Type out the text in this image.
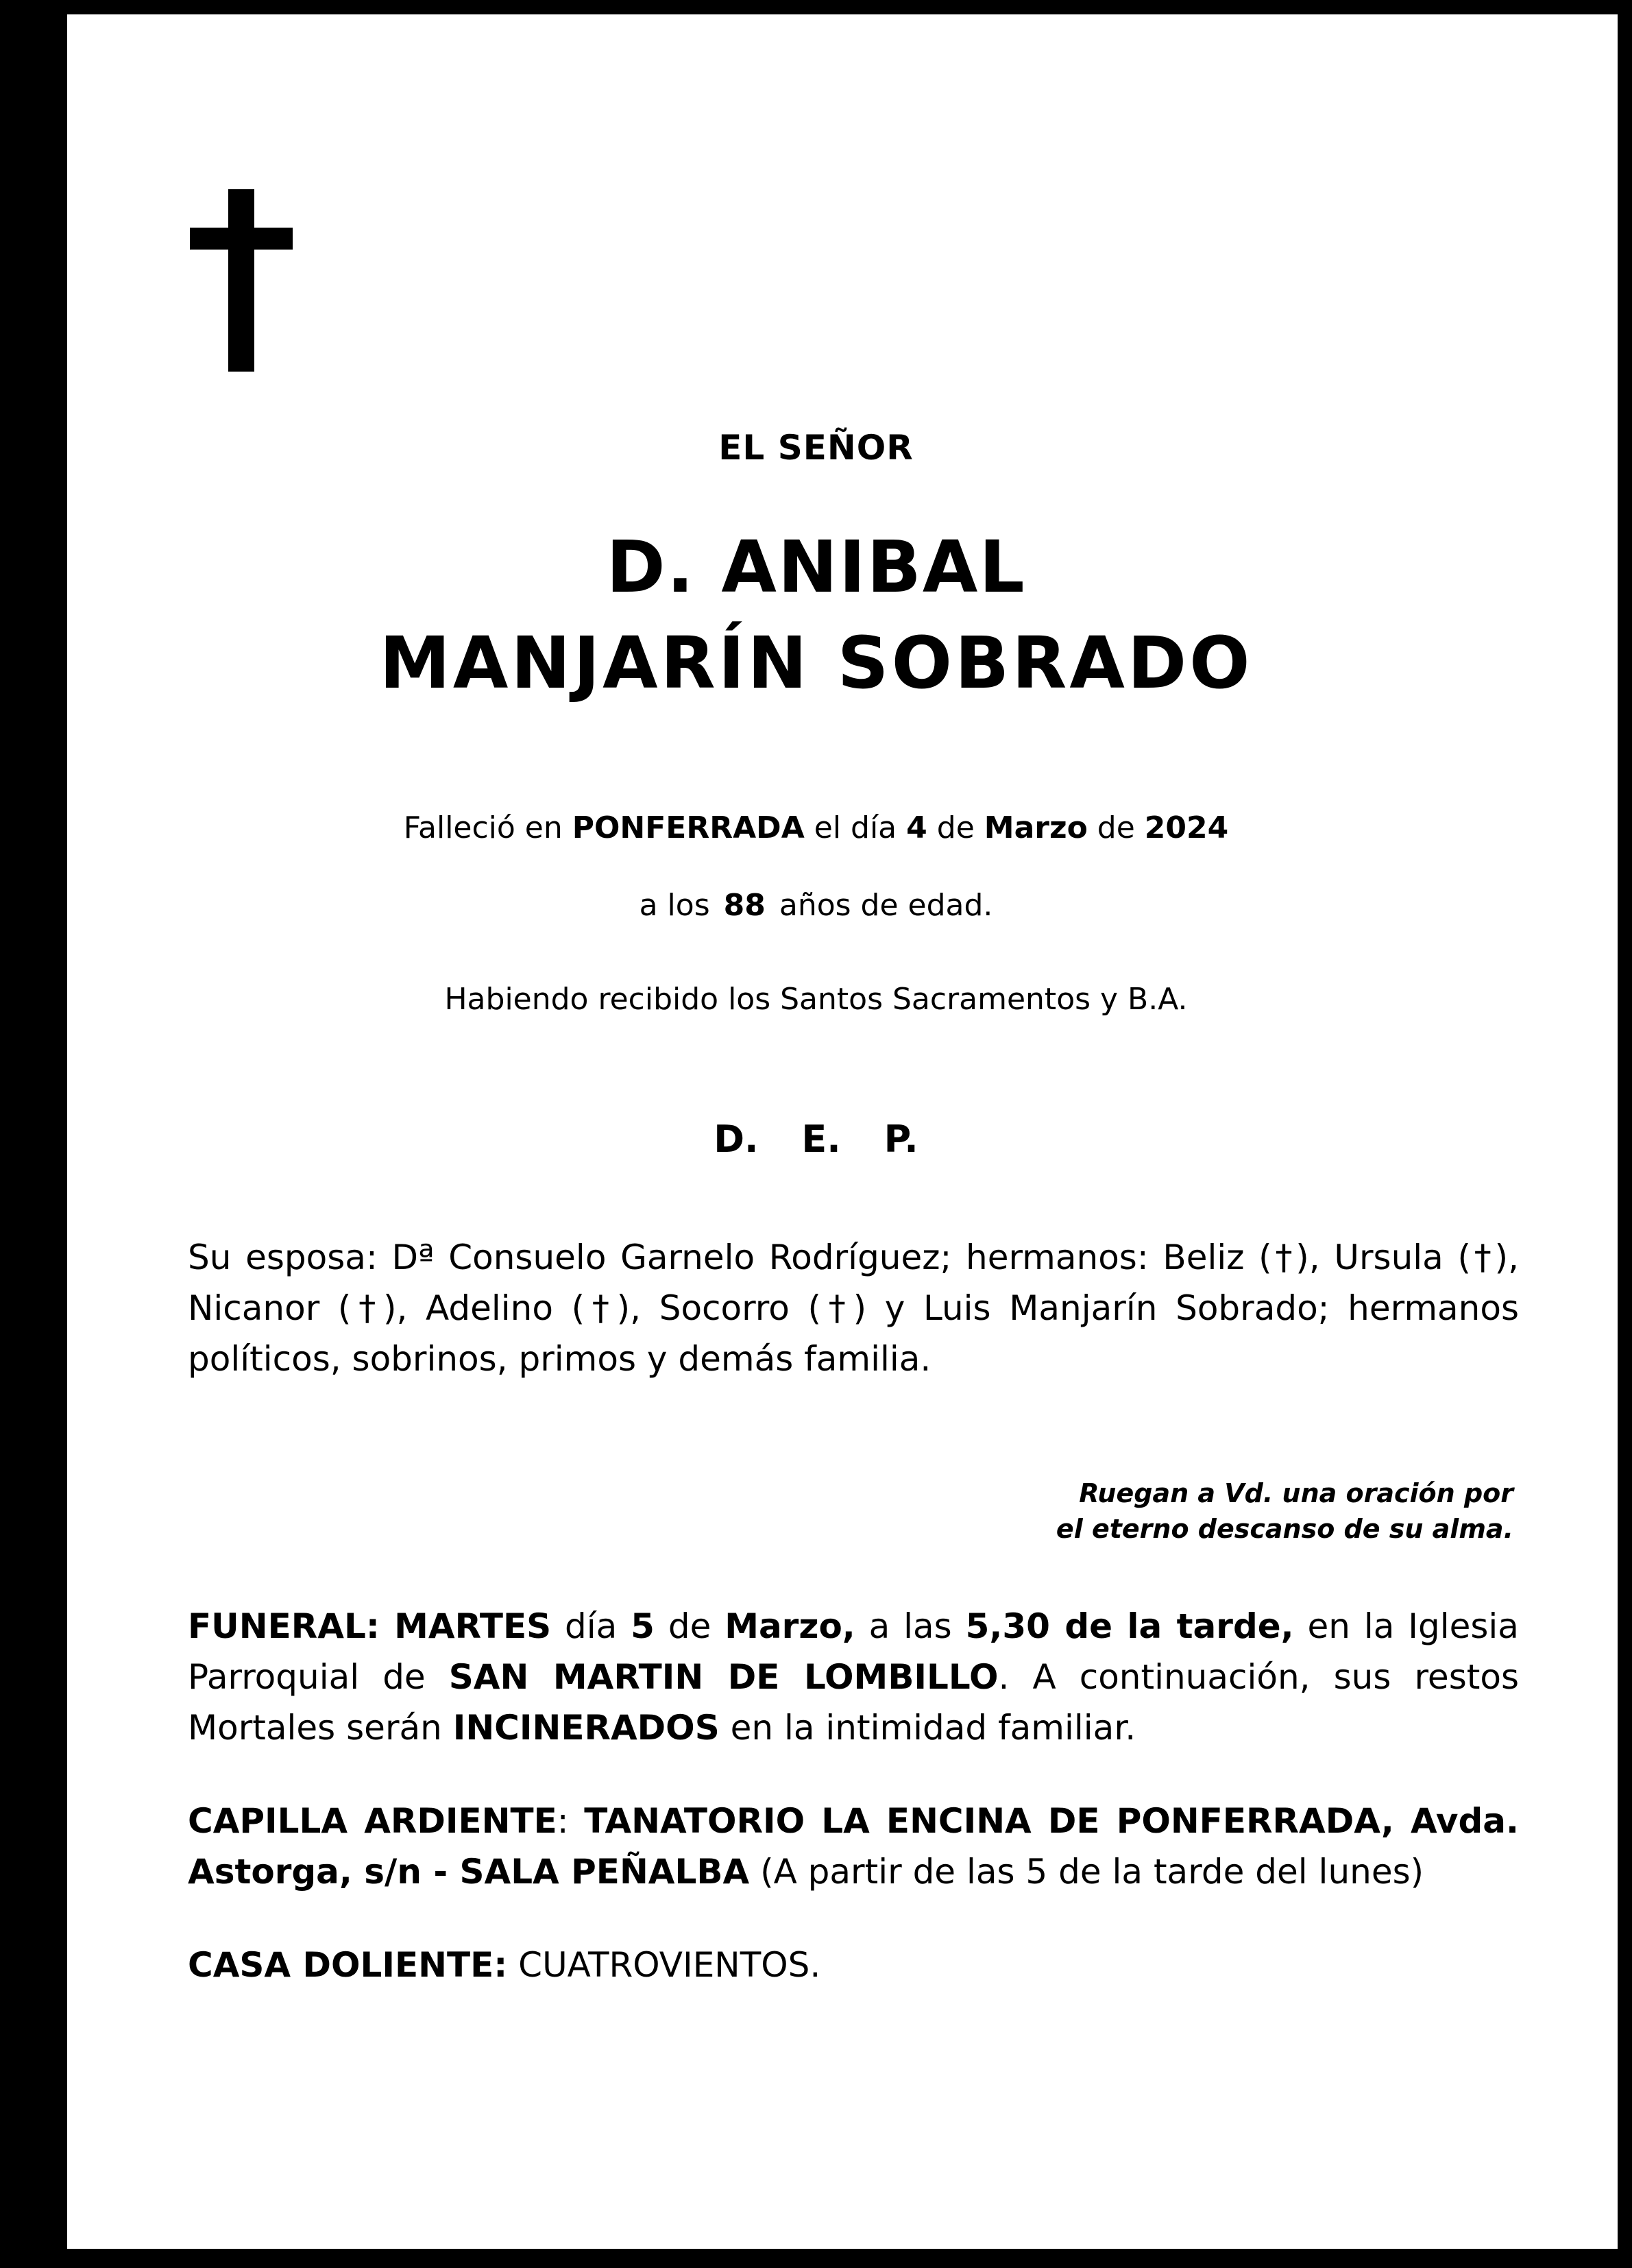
EL SEÑOR
D. ANIBAL
MANJARÍN SOBRADO
Falleció en PONFERRADA el día 4 de Marzo de 2024
a los 88 años de edad.
Habiendo recibido los Santos Sacramentos y B.A.
D. E. P.
Su esposa: Dª Consuelo Garnelo Rodríguez; hermanos: Beliz (†), Ursula (†), Nicanor (†), Adelino (†), Socorro (†) y Luis Manjarín Sobrado; hermanos políticos, sobrinos, primos y demás familia.
Ruegan a Vd. una oración por
el eterno descanso de su alma.
FUNERAL: MARTES día 5 de Marzo, a las 5,30 de la tarde, en la Iglesia Parroquial de SAN MARTIN DE LOMBILLO. A continuación, sus restos Mortales serán INCINERADOS en la intimidad familiar.
CAPILLA ARDIENTE: TANATORIO LA ENCINA DE PONFERRADA, Avda. Astorga, s/n - SALA PEÑALBA (A partir de las 5 de la tarde del lunes)
CASA DOLIENTE: CUATROVIENTOS.
